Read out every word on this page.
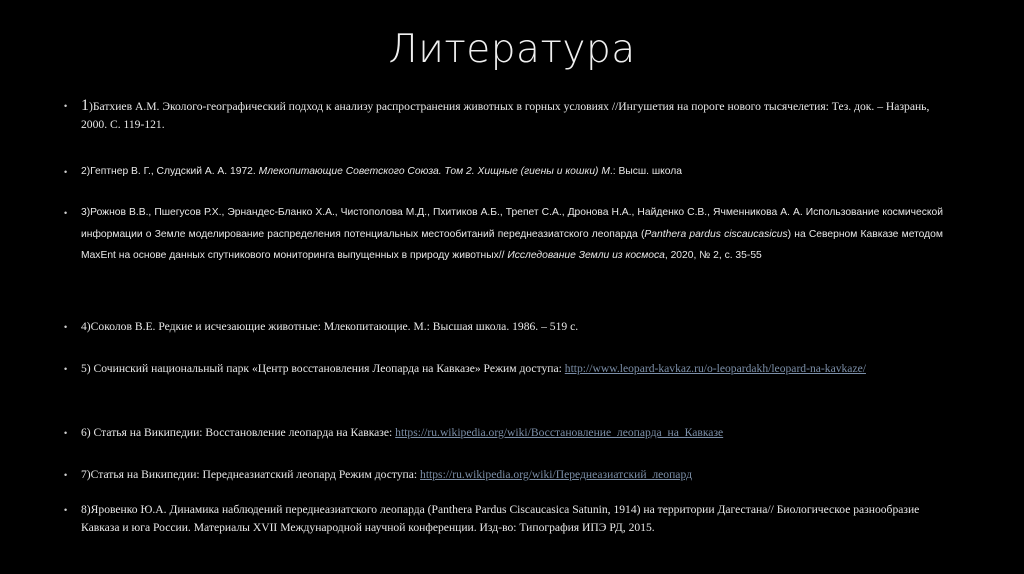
Литература
• 1)Батхиев А.М. Эколого-географический подход к анализу распространения животных в горных условиях //Ингушетия на пороге нового тысячелетия: Тез. док. – Назрань, 2000. С. 119-121.
• 2)Гептнер В. Г., Слудский А. А. 1972. Млекопитающие Советского Союза. Том 2. Хищные (гиены и кошки) М.: Высш. школа
• 3)Рожнов В.В., Пшегусов Р.Х., Эрнандес-Бланко Х.А., Чистополова М.Д., Пхитиков А.Б., Трепет С.А., Дронова Н.А., Найденко С.В., Ячменникова А. А. Использование космической информации о Земле моделирование распределения потенциальных местообитаний переднеазиатского леопарда (Panthera pardus ciscaucasicus) на Северном Кавказе методом MaxEnt на основе данных спутникового мониторинга выпущенных в природу животных// Исследование Земли из космоса, 2020, № 2, с. 35-55
• 4)Соколов В.Е. Редкие и исчезающие животные: Млекопитающие. М.: Высшая школа. 1986. – 519 с.
• 5) Сочинский национальный парк «Центр восстановления Леопарда на Кавказе» Режим доступа: http://www.leopard-kavkaz.ru/o-leopardakh/leopard-na-kavkaze/
• 6) Статья на Википедии: Восстановление леопарда на Кавказе: https://ru.wikipedia.org/wiki/Восстановление_леопарда_на_Кавказе
• 7)Статья на Википедии: Переднеазиатский леопард Режим доступа: https://ru.wikipedia.org/wiki/Переднеазиатский_леопард
• 8)Яровенко Ю.А. Динамика наблюдений переднеазиатского леопарда (Panthera Pardus Ciscaucasica Satunin, 1914) на территории Дагестана// Биологическое разнообразие Кавказа и юга России. Материалы XVII Международной научной конференции. Изд-во: Типография ИПЭ РД, 2015.
